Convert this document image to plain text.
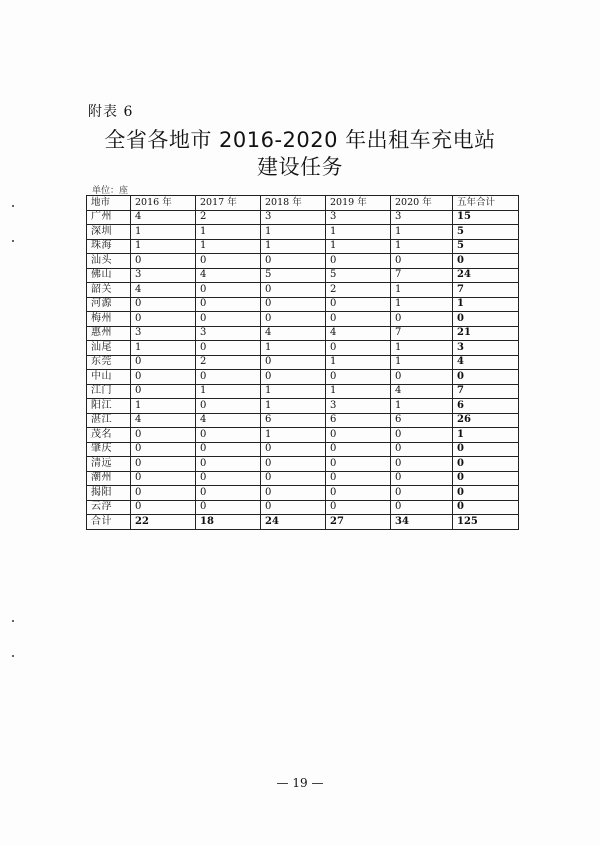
附表 6
全省各地市 2016-2020 年出租车充电站
建设任务
单位：座
地市	2016 年	2017 年	2018 年	2019 年	2020 年	五年合计
广州	4	2	3	3	3	15
深圳	1	1	1	1	1	5
珠海	1	1	1	1	1	5
汕头	0	0	0	0	0	0
佛山	3	4	5	5	7	24
韶关	4	0	0	2	1	7
河源	0	0	0	0	1	1
梅州	0	0	0	0	0	0
惠州	3	3	4	4	7	21
汕尾	1	0	1	0	1	3
东莞	0	2	0	1	1	4
中山	0	0	0	0	0	0
江门	0	1	1	1	4	7
阳江	1	0	1	3	1	6
湛江	4	4	6	6	6	26
茂名	0	0	1	0	0	1
肇庆	0	0	0	0	0	0
清远	0	0	0	0	0	0
潮州	0	0	0	0	0	0
揭阳	0	0	0	0	0	0
云浮	0	0	0	0	0	0
合计	22	18	24	27	34	125
— 19 —
